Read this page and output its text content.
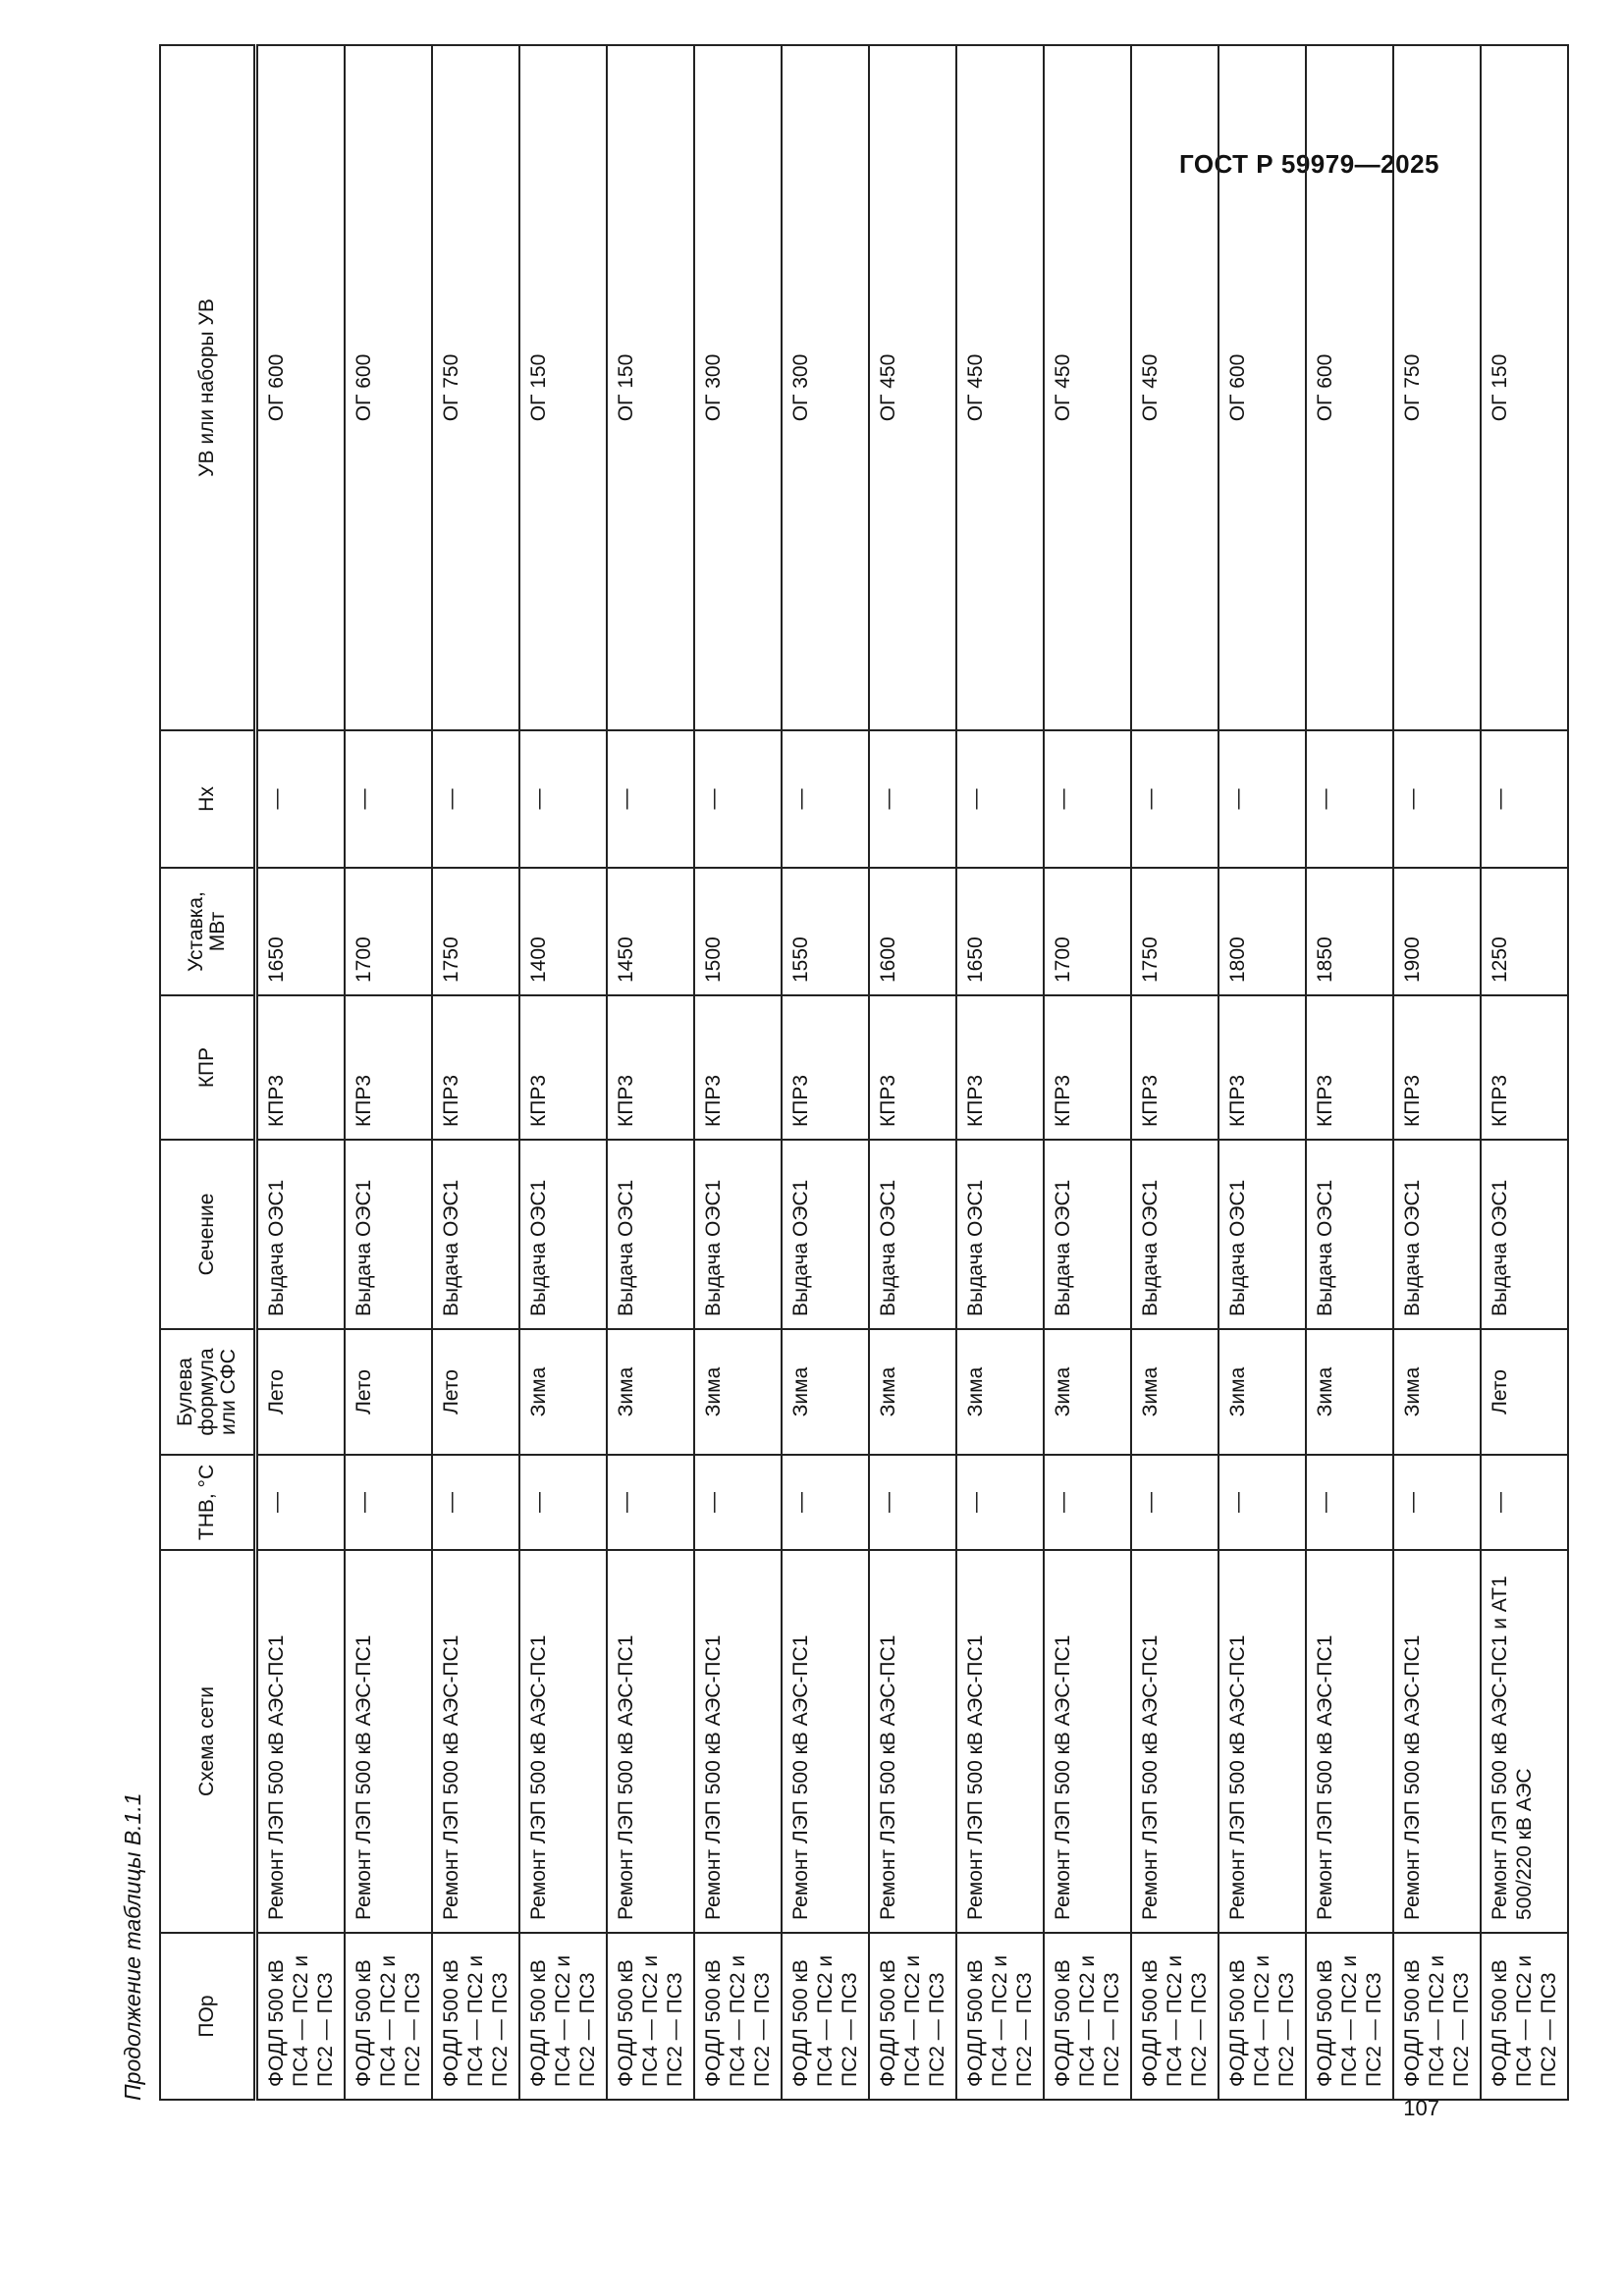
ГОСТ Р 59979—2025
Продолжение таблицы В.1.1	ПОр	Схема сети	ТНВ, °С	Булева формула или СФС	Сечение	КПР	Уставка, МВт	Нх	УВ или наборы УВ
ФОДЛ 500 кВ ПС4 — ПС2 и ПС2 — ПС3	Ремонт ЛЭП 500 кВ АЭС-ПС1	—	Лето	Выдача ОЭС1	КПР3	1650	—	ОГ 600
ФОДЛ 500 кВ ПС4 — ПС2 и ПС2 — ПС3	Ремонт ЛЭП 500 кВ АЭС-ПС1	—	Лето	Выдача ОЭС1	КПР3	1700	—	ОГ 600
ФОДЛ 500 кВ ПС4 — ПС2 и ПС2 — ПС3	Ремонт ЛЭП 500 кВ АЭС-ПС1	—	Лето	Выдача ОЭС1	КПР3	1750	—	ОГ 750
ФОДЛ 500 кВ ПС4 — ПС2 и ПС2 — ПС3	Ремонт ЛЭП 500 кВ АЭС-ПС1	—	Зима	Выдача ОЭС1	КПР3	1400	—	ОГ 150
ФОДЛ 500 кВ ПС4 — ПС2 и ПС2 — ПС3	Ремонт ЛЭП 500 кВ АЭС-ПС1	—	Зима	Выдача ОЭС1	КПР3	1450	—	ОГ 150
ФОДЛ 500 кВ ПС4 — ПС2 и ПС2 — ПС3	Ремонт ЛЭП 500 кВ АЭС-ПС1	—	Зима	Выдача ОЭС1	КПР3	1500	—	ОГ 300
ФОДЛ 500 кВ ПС4 — ПС2 и ПС2 — ПС3	Ремонт ЛЭП 500 кВ АЭС-ПС1	—	Зима	Выдача ОЭС1	КПР3	1550	—	ОГ 300
ФОДЛ 500 кВ ПС4 — ПС2 и ПС2 — ПС3	Ремонт ЛЭП 500 кВ АЭС-ПС1	—	Зима	Выдача ОЭС1	КПР3	1600	—	ОГ 450
ФОДЛ 500 кВ ПС4 — ПС2 и ПС2 — ПС3	Ремонт ЛЭП 500 кВ АЭС-ПС1	—	Зима	Выдача ОЭС1	КПР3	1650	—	ОГ 450
ФОДЛ 500 кВ ПС4 — ПС2 и ПС2 — ПС3	Ремонт ЛЭП 500 кВ АЭС-ПС1	—	Зима	Выдача ОЭС1	КПР3	1700	—	ОГ 450
ФОДЛ 500 кВ ПС4 — ПС2 и ПС2 — ПС3	Ремонт ЛЭП 500 кВ АЭС-ПС1	—	Зима	Выдача ОЭС1	КПР3	1750	—	ОГ 450
ФОДЛ 500 кВ ПС4 — ПС2 и ПС2 — ПС3	Ремонт ЛЭП 500 кВ АЭС-ПС1	—	Зима	Выдача ОЭС1	КПР3	1800	—	ОГ 600
ФОДЛ 500 кВ ПС4 — ПС2 и ПС2 — ПС3	Ремонт ЛЭП 500 кВ АЭС-ПС1	—	Зима	Выдача ОЭС1	КПР3	1850	—	ОГ 600
ФОДЛ 500 кВ ПС4 — ПС2 и ПС2 — ПС3	Ремонт ЛЭП 500 кВ АЭС-ПС1	—	Зима	Выдача ОЭС1	КПР3	1900	—	ОГ 750
ФОДЛ 500 кВ ПС4 — ПС2 и ПС2 — ПС3	Ремонт ЛЭП 500 кВ АЭС-ПС1 и АТ1 500/220 кВ АЭС	—	Лето	Выдача ОЭС1	КПР3	1250	—	ОГ 150
107
